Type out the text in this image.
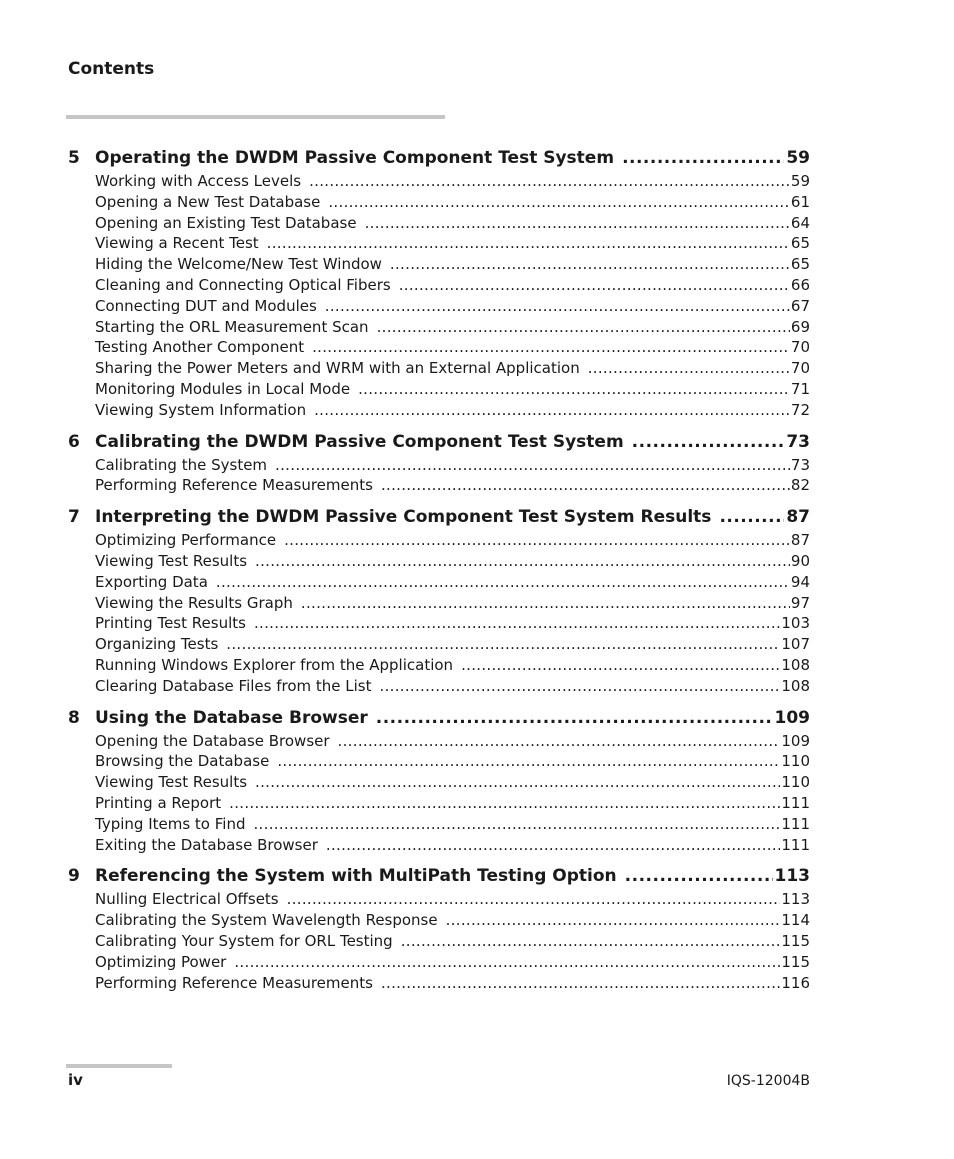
Contents
5 Operating the DWDM Passive Component Test System .....	59
Working with Access Levels .....	59
Opening a New Test Database .....	61
Opening an Existing Test Database .....	64
Viewing a Recent Test .....	65
Hiding the Welcome/New Test Window .....	65
Cleaning and Connecting Optical Fibers .....	66
Connecting DUT and Modules .....	67
Starting the ORL Measurement Scan .....	69
Testing Another Component .....	70
Sharing the Power Meters and WRM with an External Application .....	70
Monitoring Modules in Local Mode .....	71
Viewing System Information .....	72
6 Calibrating the DWDM Passive Component Test System .....	73
Calibrating the System .....	73
Performing Reference Measurements .....	82
7 Interpreting the DWDM Passive Component Test System Results .....	87
Optimizing Performance .....	87
Viewing Test Results .....	90
Exporting Data .....	94
Viewing the Results Graph .....	97
Printing Test Results .....	103
Organizing Tests .....	107
Running Windows Explorer from the Application .....	108
Clearing Database Files from the List .....	108
8 Using the Database Browser .....	109
Opening the Database Browser .....	109
Browsing the Database .....	110
Viewing Test Results .....	110
Printing a Report .....	111
Typing Items to Find .....	111
Exiting the Database Browser .....	111
9 Referencing the System with MultiPath Testing Option .....	113
Nulling Electrical Offsets .....	113
Calibrating the System Wavelength Response .....	114
Calibrating Your System for ORL Testing .....	115
Optimizing Power .....	115
Performing Reference Measurements .....	116
iv	IQS-12004B
